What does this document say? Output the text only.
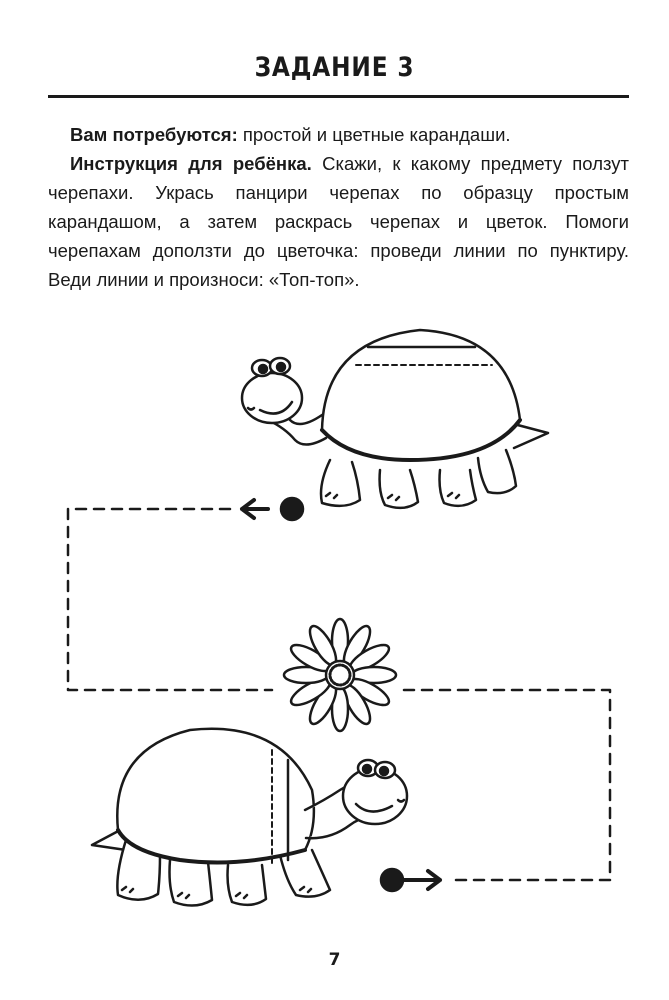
ЗАДАНИЕ 3

Вам потребуются: простой и цветные карандаши.

Инструкция для ребёнка. Скажи, к какому предмету ползут черепахи. Укрась панцири черепах по образцу простым карандашом, а затем раскрась черепах и цветок. Помоги черепахам доползти до цветочка: проведи линии по пунктиру. Веди линии и произноси: «Топ-топ».

7
